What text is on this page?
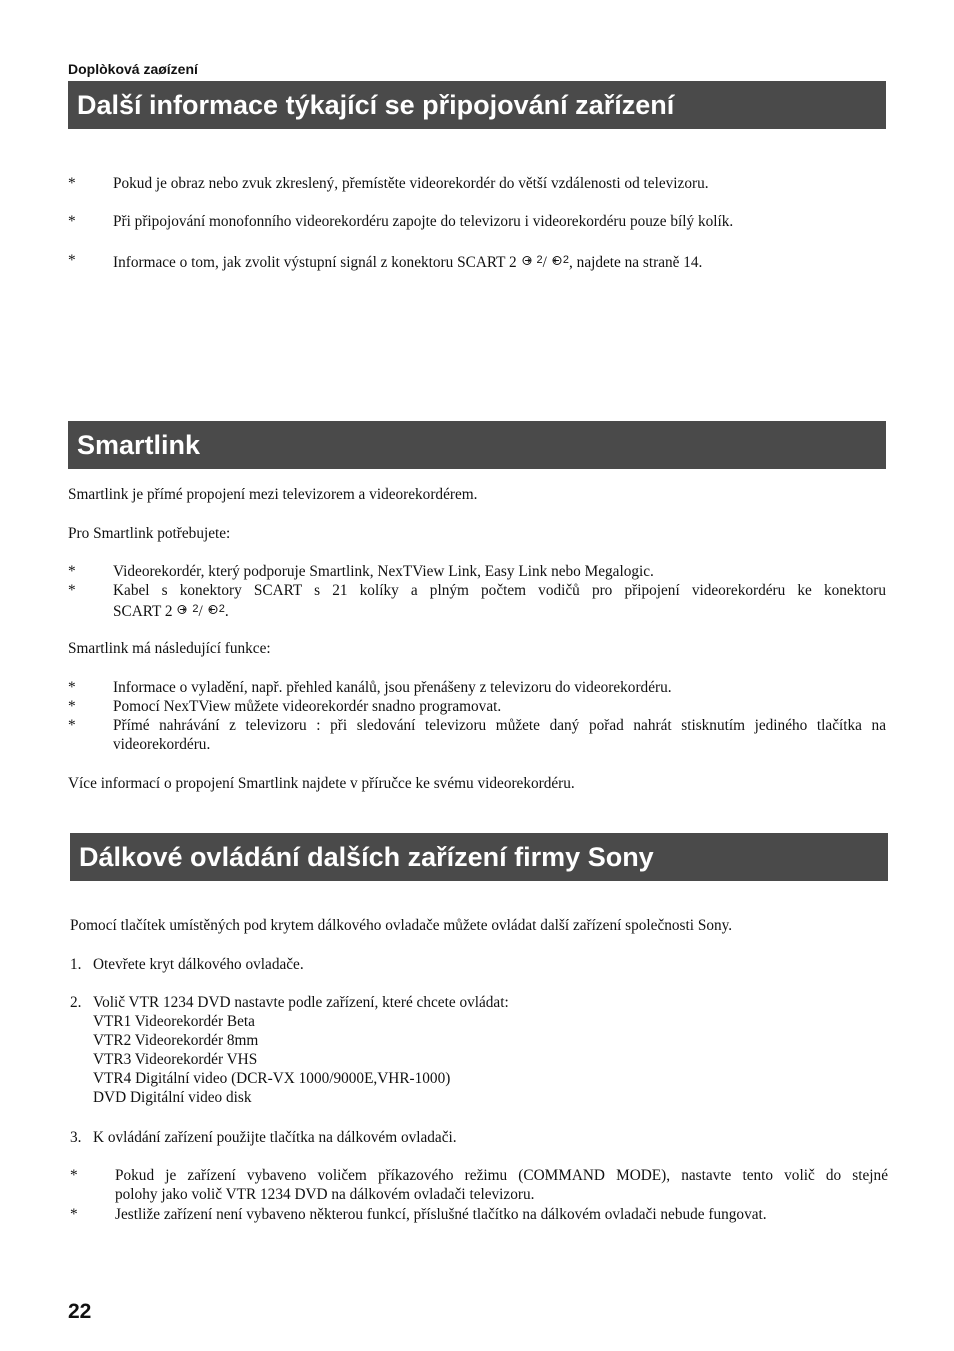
Doplòková zaøízení
Další informace týkající se připojování zařízení
* Pokud je obraz nebo zvuk zkreslený, přemístěte videorekordér do větší vzdálenosti od televizoru.
* Při připojování monofonního videorekordéru zapojte do televizoru i videorekordéru pouze bílý kolík.
* Informace o tom, jak zvolit výstupní signál z konektoru SCART 2 $^2$/ $^2$, najdete na straně 14.
Smartlink
Smartlink je přímé propojení mezi televizorem a videorekordérem.
Pro Smartlink potřebujete:
* Videorekordér, který podporuje Smartlink, NexTView Link, Easy Link nebo Megalogic.
* Kabel s konektory SCART s 21 kolíky a plným počtem vodičů pro připojení videorekordéru ke konektoru
SCART 2 $^2$/ $^2$.
Smartlink má následující funkce:
* Informace o vyladění, např. přehled kanálů, jsou přenášeny z televizoru do videorekordéru.
* Pomocí NexTView můžete videorekordér snadno programovat.
* Přímé nahrávání z televizoru : při sledování televizoru můžete daný pořad nahrát stisknutím jediného tlačítka na
videorekordéru.
Více informací o propojení Smartlink najdete v příručce ke svému videorekordéru.
Dálkové ovládání dalších zařízení firmy Sony
Pomocí tlačítek umístěných pod krytem dálkového ovladače můžete ovládat další zařízení společnosti Sony.
1. Otevřete kryt dálkového ovladače.
2. Volič VTR 1234 DVD nastavte podle zařízení, které chcete ovládat:
VTR1 Videorekordér Beta
VTR2 Videorekordér 8mm
VTR3 Videorekordér VHS
VTR4 Digitální video (DCR-VX 1000/9000E,VHR-1000)
DVD Digitální video disk
3. K ovládání zařízení použijte tlačítka na dálkovém ovladači.
* Pokud je zařízení vybaveno voličem příkazového režimu (COMMAND MODE), nastavte tento volič do stejné
polohy jako volič VTR 1234 DVD na dálkovém ovladači televizoru.
* Jestliže zařízení není vybaveno některou funkcí, příslušné tlačítko na dálkovém ovladači nebude fungovat.
22
